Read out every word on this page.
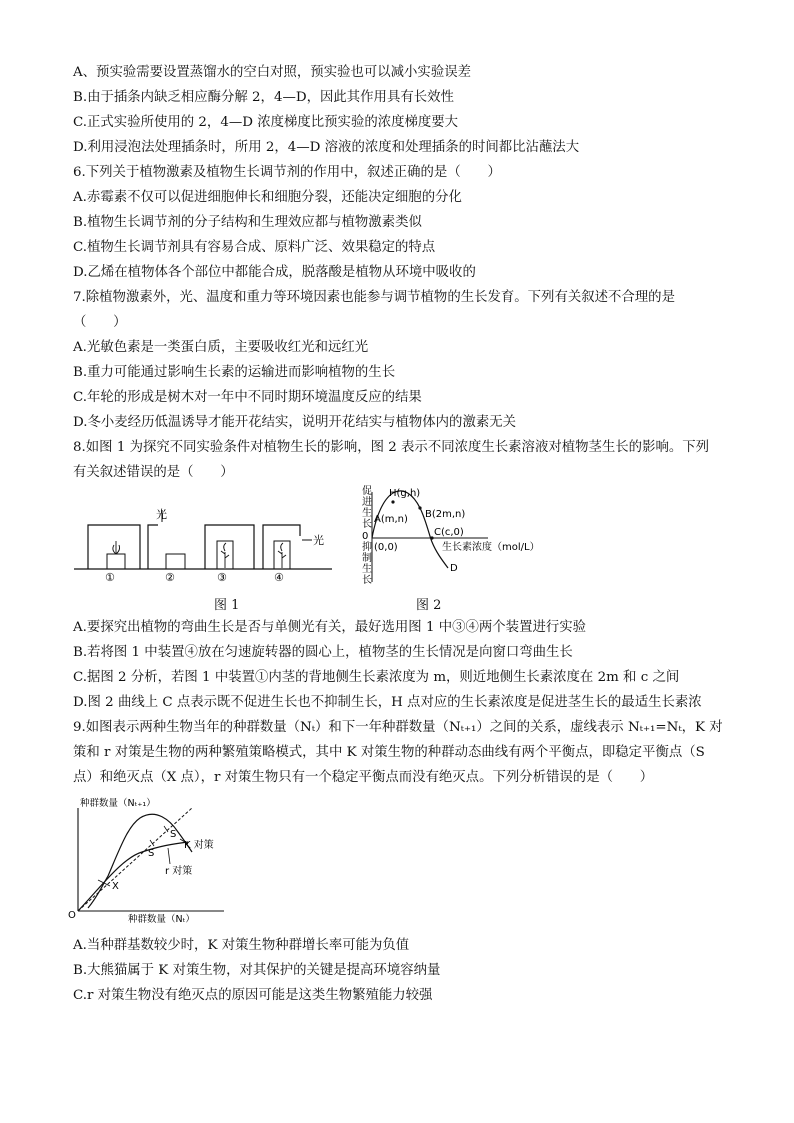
A、预实验需要设置蒸馏水的空白对照，预实验也可以减小实验误差
B.由于插条内缺乏相应酶分解 2，4—D，因此其作用具有长效性
C.正式实验所使用的 2，4—D 浓度梯度比预实验的浓度梯度要大
D.利用浸泡法处理插条时，所用 2，4—D 溶液的浓度和处理插条的时间都比沾蘸法大
6.下列关于植物激素及植物生长调节剂的作用中，叙述正确的是（　　）
A.赤霉素不仅可以促进细胞伸长和细胞分裂，还能决定细胞的分化
B.植物生长调节剂的分子结构和生理效应都与植物激素类似
C.植物生长调节剂具有容易合成、原料广泛、效果稳定的特点
D.乙烯在植物体各个部位中都能合成，脱落酸是植物从环境中吸收的
7.除植物激素外，光、温度和重力等环境因素也能参与调节植物的生长发育。下列有关叙述不合理的是
（　　）
A.光敏色素是一类蛋白质，主要吸收红光和远红光
B.重力可能通过影响生长素的运输进而影响植物的生长
C.年轮的形成是树木对一年中不同时期环境温度反应的结果
D.冬小麦经历低温诱导才能开花结实，说明开花结实与植物体内的激素无关
8.如图 1 为探究不同实验条件对植物生长的影响，图 2 表示不同浓度生长素溶液对植物茎生长的影响。下列
有关叙述错误的是（　　）
①	②	③	④
光
光
促进生长 0 抑制生长
H(g,h)
A(m,n) B(2m,n)
C(c,0)
(0,0)	生长素浓度（mol/L）
D
图 1	图 2
A.要探究出植物的弯曲生长是否与单侧光有关，最好选用图 1 中③④两个装置进行实验
B.若将图 1 中装置④放在匀速旋转器的圆心上，植物茎的生长情况是向窗口弯曲生长
C.据图 2 分析，若图 1 中装置①内茎的背地侧生长素浓度为 m，则近地侧生长素浓度在 2m 和 c 之间
D.图 2 曲线上 C 点表示既不促进生长也不抑制生长，H 点对应的生长素浓度是促进茎生长的最适生长素浓
9.如图表示两种生物当年的种群数量（Nₜ）和下一年种群数量（Nₜ₊₁）之间的关系，虚线表示 Nₜ₊₁=Nₜ，K 对
策和 r 对策是生物的两种繁殖策略模式，其中 K 对策生物的种群动态曲线有两个平衡点，即稳定平衡点（S
点）和绝灭点（X 点），r 对策生物只有一个稳定平衡点而没有绝灭点。下列分析错误的是（　　）
种群数量（Nₜ₊₁）
S
S
X
K 对策
r 对策
O	种群数量（Nₜ）
A.当种群基数较少时，K 对策生物种群增长率可能为负值
B.大熊猫属于 K 对策生物，对其保护的关键是提高环境容纳量
C.r 对策生物没有绝灭点的原因可能是这类生物繁殖能力较强
